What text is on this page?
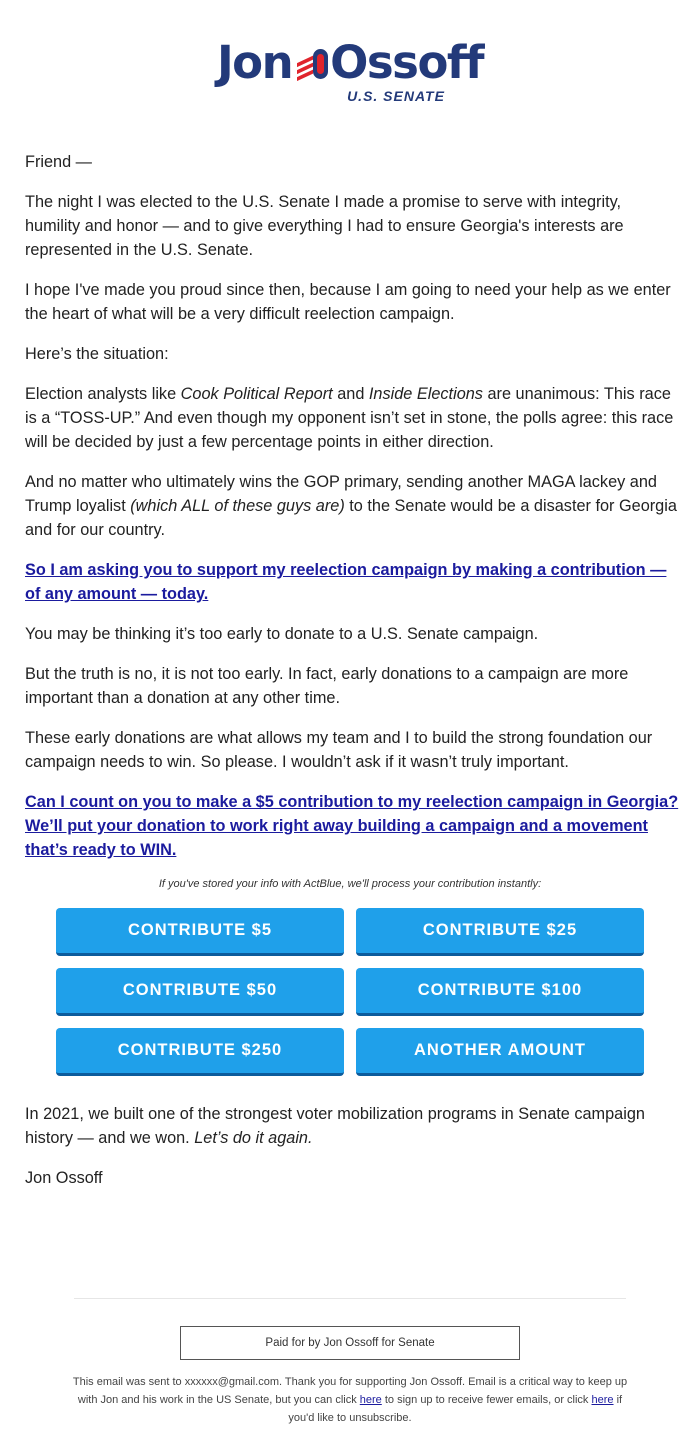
Jon Ossoff
U.S. SENATE

Friend —

The night I was elected to the U.S. Senate I made a promise to serve with integrity, humility and honor — and to give everything I had to ensure Georgia's interests are represented in the U.S. Senate.

I hope I've made you proud since then, because I am going to need your help as we enter the heart of what will be a very difficult reelection campaign.

Here’s the situation:

Election analysts like Cook Political Report and Inside Elections are unanimous: This race is a “TOSS-UP.” And even though my opponent isn’t set in stone, the polls agree: this race will be decided by just a few percentage points in either direction.

And no matter who ultimately wins the GOP primary, sending another MAGA lackey and Trump loyalist (which ALL of these guys are) to the Senate would be a disaster for Georgia and for our country.

So I am asking you to support my reelection campaign by making a contribution — of any amount — today.

You may be thinking it’s too early to donate to a U.S. Senate campaign.

But the truth is no, it is not too early. In fact, early donations to a campaign are more important than a donation at any other time.

These early donations are what allows my team and I to build the strong foundation our campaign needs to win. So please. I wouldn’t ask if it wasn’t truly important.

Can I count on you to make a $5 contribution to my reelection campaign in Georgia? We’ll put your donation to work right away building a campaign and a movement that’s ready to WIN.
If you've stored your info with ActBlue, we'll process your contribution instantly:
CONTRIBUTE $5	CONTRIBUTE $25
CONTRIBUTE $50	CONTRIBUTE $100
CONTRIBUTE $250	ANOTHER AMOUNT

In 2021, we built one of the strongest voter mobilization programs in Senate campaign history — and we won. Let’s do it again.

Jon Ossoff

Paid for by Jon Ossoff for Senate
This email was sent to xxxxxx@gmail.com. Thank you for supporting Jon Ossoff. Email is a critical way to keep up with Jon and his work in the US Senate, but you can click here to sign up to receive fewer emails, or click here if you'd like to unsubscribe.
